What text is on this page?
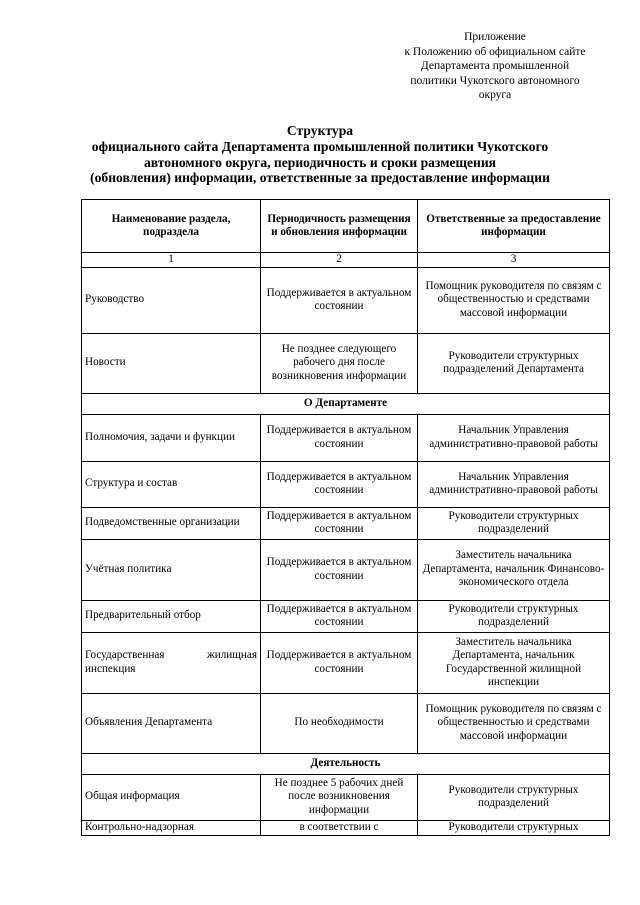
Приложение
к Положению об официальном сайте
Департамента промышленной
политики Чукотского автономного
округа
Структура
официального сайта Департамента промышленной политики Чукотского
автономного округа, периодичность и сроки размещения
(обновления) информации, ответственные за предоставление информации
Наименование раздела, подраздела	Периодичность размещения и обновления информации	Ответственные за предоставление информации
1	2	3
Руководство	Поддерживается в актуальном состоянии	Помощник руководителя по связям с общественностью и средствами массовой информации
Новости	Не позднее следующего рабочего дня после возникновения информации	Руководители структурных подразделений Департамента
О Департаменте		
Полномочия, задачи и функции	Поддерживается в актуальном состоянии	Начальник Управления административно-правовой работы
Структура и состав	Поддерживается в актуальном состоянии	Начальник Управления административно-правовой работы
Подведомственные организации	Поддерживается в актуальном состоянии	Руководители структурных подразделений
Учётная политика	Поддерживается в актуальном состоянии	Заместитель начальника Департамента, начальник Финансово-экономического отдела
Предварительный отбор	Поддерживается в актуальном состоянии	Руководители структурных подразделений
Государственная жилищная инспекция	Поддерживается в актуальном состоянии	Заместитель начальника Департамента, начальник Государственной жилищной инспекции
Объявления Департамента	По необходимости	Помощник руководителя по связям с общественностью и средствами массовой информации
Деятельность		
Общая информация	Не позднее 5 рабочих дней после возникновения информации	Руководители структурных подразделений
Контрольно-надзорная	в соответствии с	Руководители структурных
